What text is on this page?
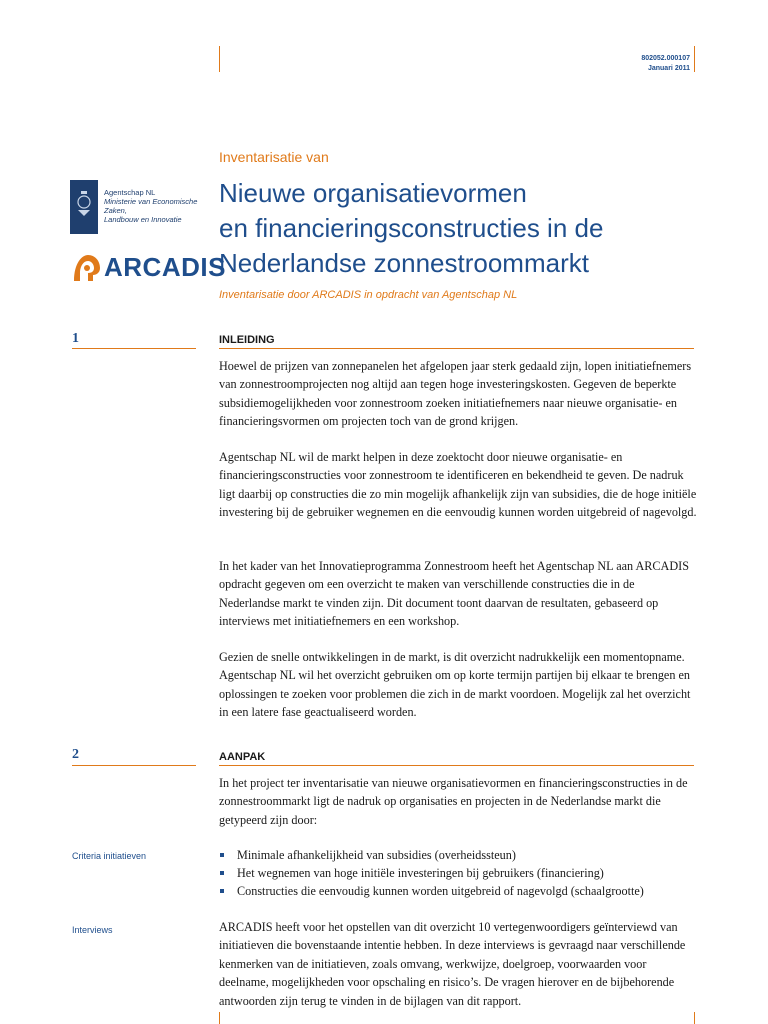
802052.000107
Januari 2011
Inventarisatie van
Nieuwe organisatievormen
en financieringsconstructies in de
Nederlandse zonnestroommarkt
Inventarisatie door ARCADIS in opdracht van Agentschap NL
Agentschap NL
Ministerie van Economische Zaken,
Landbouw en Innovatie
ARCADIS
1	INLEIDING
Hoewel de prijzen van zonnepanelen het afgelopen jaar sterk gedaald zijn, lopen initiatiefnemers van zonnestroomprojecten nog altijd aan tegen hoge investeringskosten. Gegeven de beperkte subsidiemogelijkheden voor zonnestroom zoeken initiatiefnemers naar nieuwe organisatie- en financieringsvormen om projecten toch van de grond krijgen.
Agentschap NL wil de markt helpen in deze zoektocht door nieuwe organisatie- en financieringsconstructies voor zonnestroom te identificeren en bekendheid te geven. De nadruk ligt daarbij op constructies die zo min mogelijk afhankelijk zijn van subsidies, die de hoge initiële investering bij de gebruiker wegnemen en die eenvoudig kunnen worden uitgebreid of nagevolgd.
In het kader van het Innovatieprogramma Zonnestroom heeft het Agentschap NL aan ARCADIS opdracht gegeven om een overzicht te maken van verschillende constructies die in de Nederlandse markt te vinden zijn. Dit document toont daarvan de resultaten, gebaseerd op interviews met initiatiefnemers en een workshop.
Gezien de snelle ontwikkelingen in de markt, is dit overzicht nadrukkelijk een momentopname. Agentschap NL wil het overzicht gebruiken om op korte termijn partijen bij elkaar te brengen en oplossingen te zoeken voor problemen die zich in de markt voordoen. Mogelijk zal het overzicht in een latere fase geactualiseerd worden.
2	AANPAK
In het project ter inventarisatie van nieuwe organisatievormen en financieringsconstructies in de zonnestroommarkt ligt de nadruk op organisaties en projecten in de Nederlandse markt die getypeerd zijn door:
Criteria initiatieven	Minimale afhankelijkheid van subsidies (overheidssteun)
Het wegnemen van hoge initiële investeringen bij gebruikers (financiering)
Constructies die eenvoudig kunnen worden uitgebreid of nagevolgd (schaalgrootte)
Interviews	ARCADIS heeft voor het opstellen van dit overzicht 10 vertegenwoordigers geïnterviewd van initiatieven die bovenstaande intentie hebben. In deze interviews is gevraagd naar verschillende kenmerken van de initiatieven, zoals omvang, werkwijze, doelgroep, voorwaarden voor deelname, mogelijkheden voor opschaling en risico’s. De vragen hierover en de bijbehorende antwoorden zijn terug te vinden in de bijlagen van dit rapport.
